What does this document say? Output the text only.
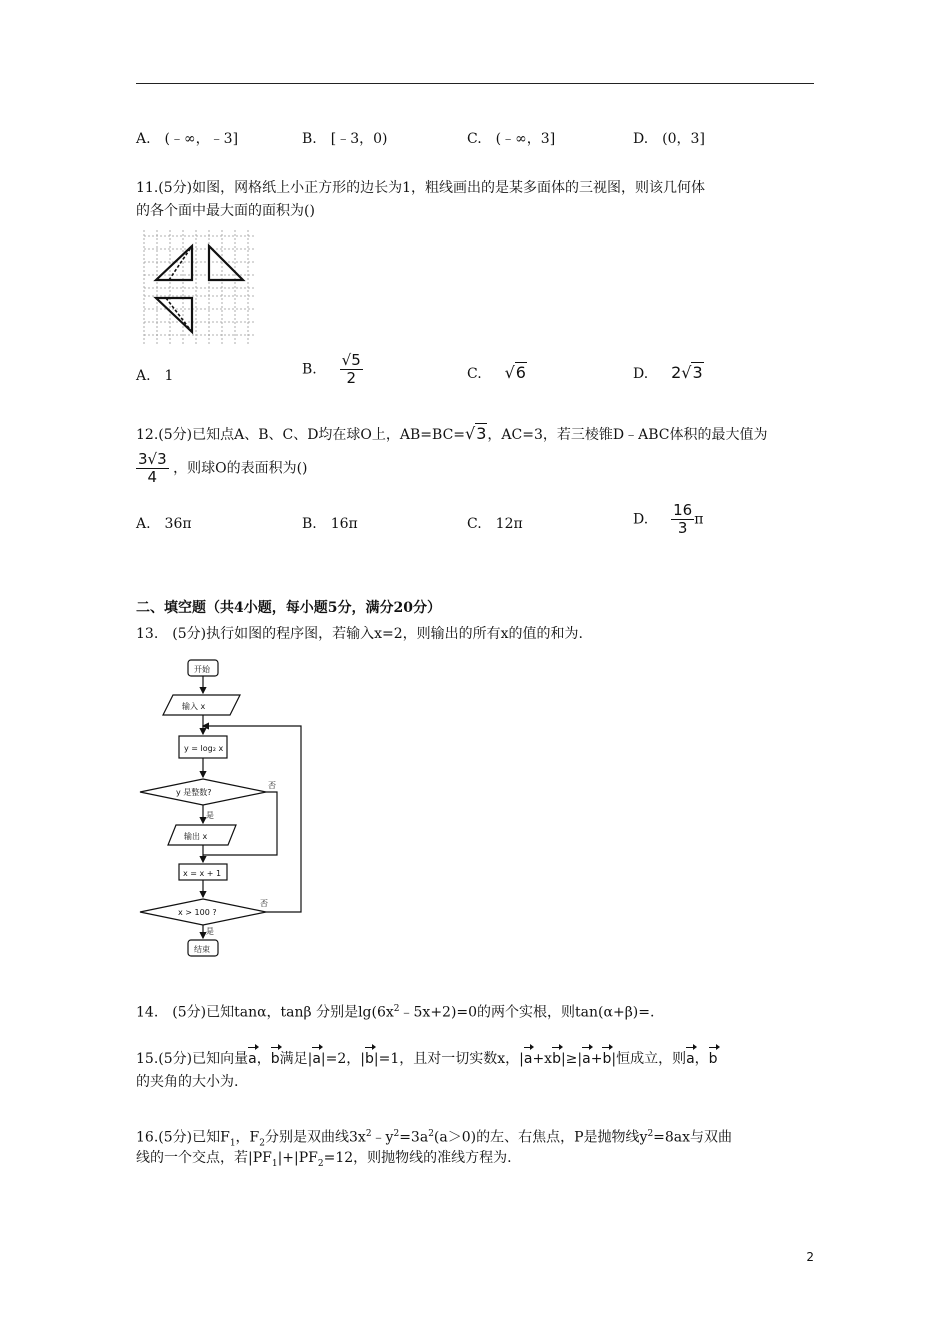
A.　(﹣∞，﹣3]	B.　[﹣3，0)	C.　(﹣∞，3]	D.　(0，3]
11.(5分)如图，网格纸上小正方形的边长为1，粗线画出的是某多面体的三视图，则该几何体
的各个面中最大面的面积为()
A.　1	B. $\frac{√5}{2}$	C. √6	D. 2√3
12.(5分)已知点A、B、C、D均在球O上，AB=BC=√3，AC=3，若三棱锥D﹣ABC体积的最大值为
$\frac{3√3}{4}$ ，则球O的表面积为()
A.　36π	B.　16π	C.　12π	D. $\frac{16}{3}$ π
二、填空题（共4小题，每小题5分，满分20分）
13.　(5分)执行如图的程序图，若输入x=2，则输出的所有x的值的和为.
开始
输入 x
y = log₂ x
y 是整数?
是
否
输出 x
x = x + 1
x > 100 ?
否
是
结束
14.　(5分)已知tanα，tanβ 分别是$\lg(6x^2﹣5x+2)=0$的两个实根，则tan(α+β)=.
15.(5分)已知向量a，b满足|a|=2，|b|=1，且对一切实数x，|a+xb|≥|a+b|恒成立，则a，b
的夹角的大小为.
16.(5分)已知$F_1$，$F_2$分别是双曲线$3x^2﹣y^2=3a^2(a>0)$的左、右焦点，P是抛物线$y^2=8ax$与双曲
线的一个交点，若$|PF_1|+|PF_2=12$，则抛物线的准线方程为.
2
